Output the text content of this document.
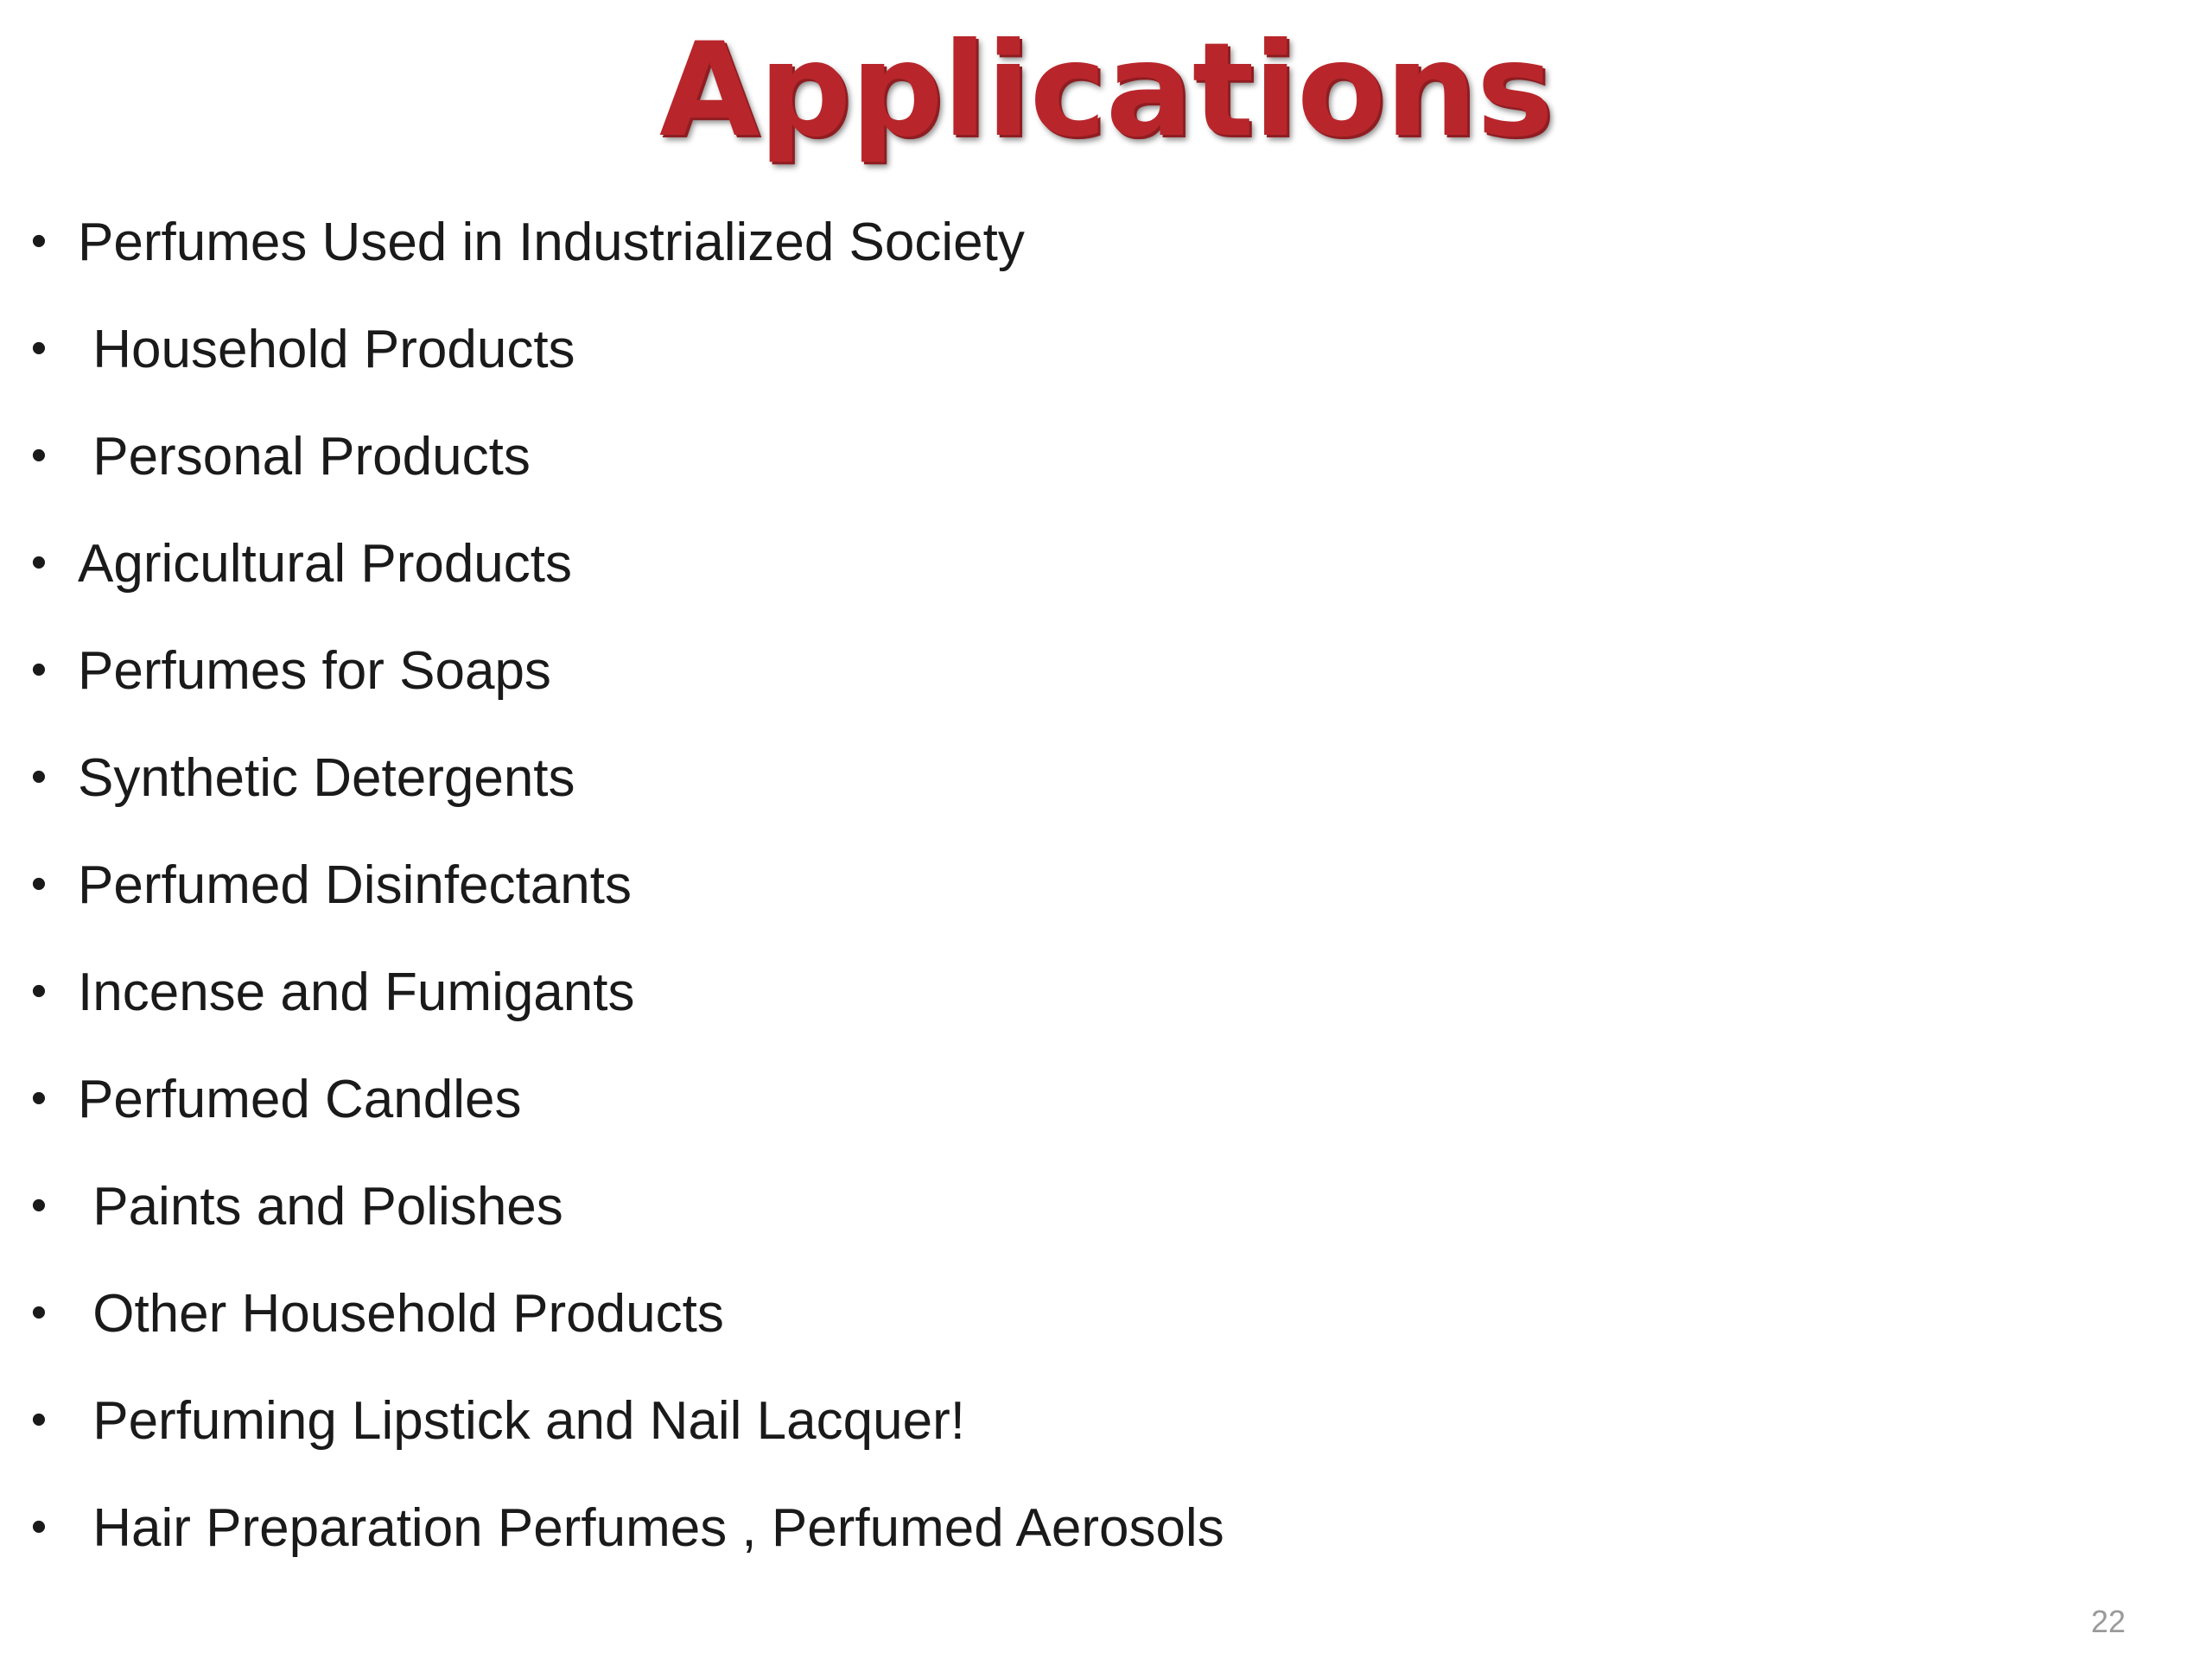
Applications
• Perfumes Used in Industrialized Society
• Household Products
• Personal Products
• Agricultural Products
• Perfumes for Soaps
• Synthetic Detergents
• Perfumed Disinfectants
• Incense and Fumigants
• Perfumed Candles
• Paints and Polishes
• Other Household Products
• Perfuming Lipstick and Nail Lacquer!
• Hair Preparation Perfumes , Perfumed Aerosols
22
